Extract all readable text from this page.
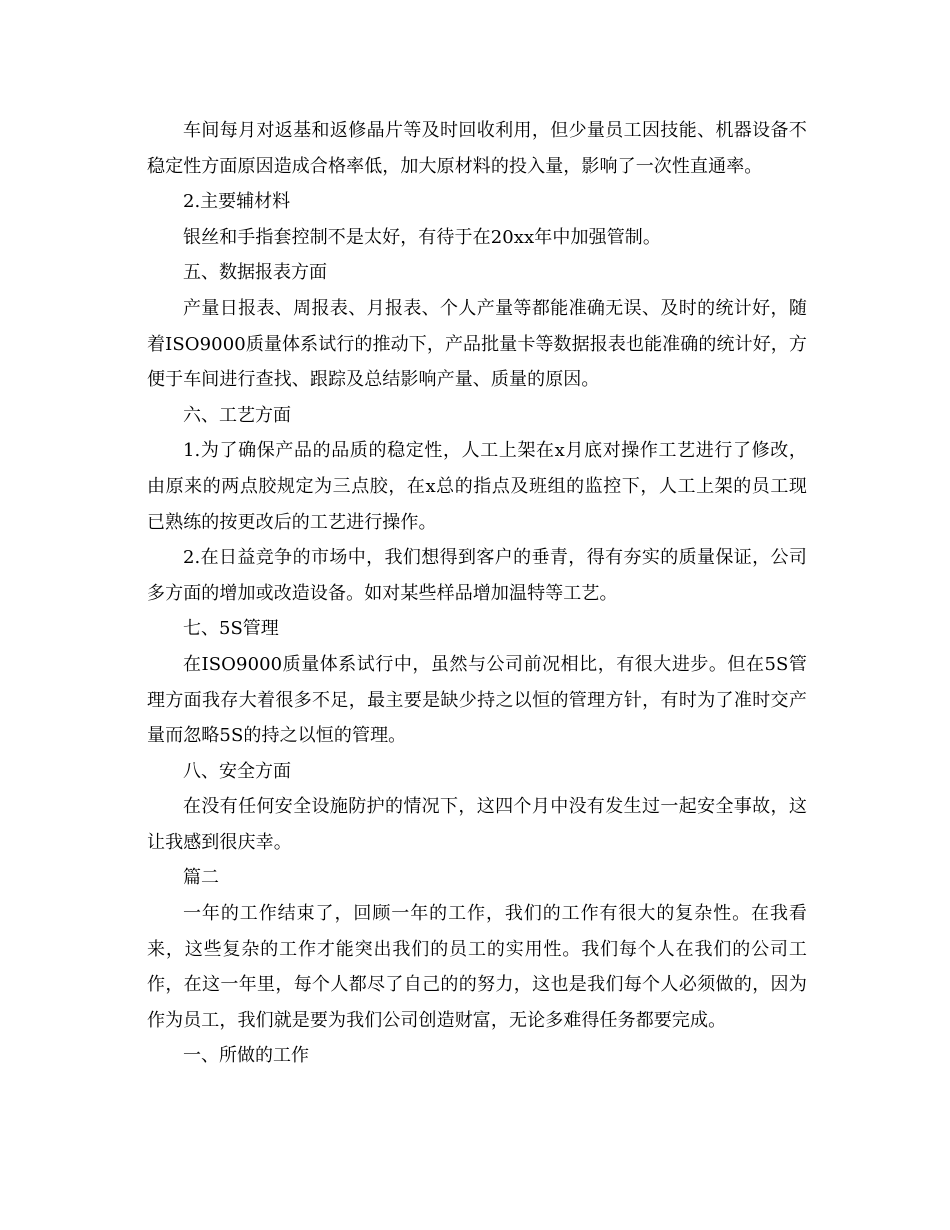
车间每月对返基和返修晶片等及时回收利用，但少量员工因技能、机器设备不稳定性方面原因造成合格率低，加大原材料的投入量，影响了一次性直通率。

2.主要辅材料

银丝和手指套控制不是太好，有待于在20xx年中加强管制。

五、数据报表方面

产量日报表、周报表、月报表、个人产量等都能准确无误、及时的统计好，随着ISO9000质量体系试行的推动下，产品批量卡等数据报表也能准确的统计好，方便于车间进行查找、跟踪及总结影响产量、质量的原因。

六、工艺方面

1.为了确保产品的品质的稳定性，人工上架在x月底对操作工艺进行了修改，由原来的两点胶规定为三点胶，在x总的指点及班组的监控下，人工上架的员工现已熟练的按更改后的工艺进行操作。

2.在日益竞争的市场中，我们想得到客户的垂青，得有夯实的质量保证，公司多方面的增加或改造设备。如对某些样品增加温特等工艺。

七、5S管理

在ISO9000质量体系试行中，虽然与公司前况相比，有很大进步。但在5S管理方面我存大着很多不足，最主要是缺少持之以恒的管理方针，有时为了准时交产量而忽略5S的持之以恒的管理。

八、安全方面

在没有任何安全设施防护的情况下，这四个月中没有发生过一起安全事故，这让我感到很庆幸。

篇二

一年的工作结束了，回顾一年的工作，我们的工作有很大的复杂性。在我看来，这些复杂的工作才能突出我们的员工的实用性。我们每个人在我们的公司工作，在这一年里，每个人都尽了自己的的努力，这也是我们每个人必须做的，因为作为员工，我们就是要为我们公司创造财富，无论多难得任务都要完成。

一、所做的工作
